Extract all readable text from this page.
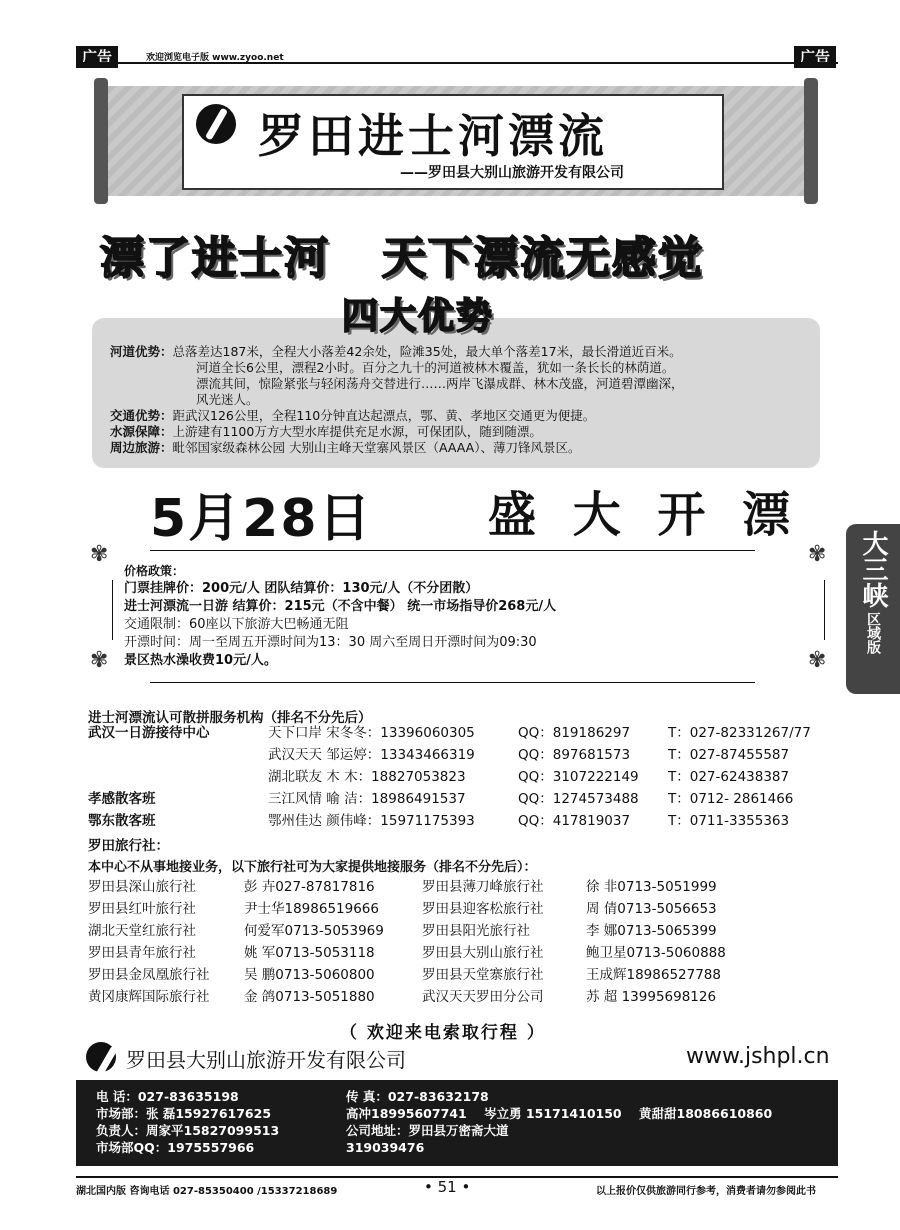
广告	欢迎浏览电子版 www.zyoo.net	广告
罗田进士河漂流
——罗田县大别山旅游开发有限公司
漂了进士河   天下漂流无感觉
四大优势
河道优势：总落差达187米，全程大小落差42余处，险滩35处，最大单个落差17米，最长滑道近百米。
河道全长6公里，漂程2小时。百分之九十的河道被林木覆盖，犹如一条长长的林荫道。
漂流其间，惊险紧张与轻闲荡舟交替进行……两岸飞瀑成群、林木茂盛，河道碧潭幽深，
风光迷人。
交通优势：距武汉126公里，全程110分钟直达起漂点，鄂、黄、孝地区交通更为便捷。
水源保障：上游建有1100万方大型水库提供充足水源，可保团队，随到随漂。
周边旅游：毗邻国家级森林公园 大别山主峰天堂寨风景区（AAAA）、薄刀锋风景区。
5月28日 盛 大 开 漂
✾	✾
✾	✾
价格政策：
门票挂牌价：200元/人 团队结算价：130元/人（不分团散）
进士河漂流一日游 结算价：215元（不含中餐） 统一市场指导价268元/人
交通限制：60座以下旅游大巴畅通无阻
开漂时间：周一至周五开漂时间为13：30 周六至周日开漂时间为09:30
景区热水澡收费10元/人。
进士河漂流认可散拼服务机构（排名不分先后）
武汉一日游接待中心	天下口岸 宋冬冬：13396060305	QQ：819186297	T：027-82331267/77
武汉天天 邹运婷：13343466319	QQ：897681573	T：027-87455587
湖北联友 木 木：18827053823	QQ：3107222149 T：027-62438387
孝感散客班	三江风情 喻 洁：18986491537	QQ：1274573488 T：0712- 2861466
鄂东散客班	鄂州佳达 颜伟峰：15971175393	QQ：417819037	T：0711-3355363
罗田旅行社：
本中心不从事地接业务，以下旅行社可为大家提供地接服务（排名不分先后）：
罗田县深山旅行社	彭 卉027-87817816	罗田县薄刀峰旅行社	徐 非0713-5051999
罗田县红叶旅行社	尹士华18986519666	罗田县迎客松旅行社	周 倩0713-5056653
湖北天堂红旅行社	何爱军0713-5053969	罗田县阳光旅行社	李 娜0713-5065399
罗田县青年旅行社	姚 军0713-5053118	罗田县大别山旅行社	鲍卫星0713-5060888
罗田县金凤凰旅行社	吴 鹏0713-5060800	罗田县天堂寨旅行社	王成辉18986527788
黄冈康辉国际旅行社	金 鸽0713-5051880	武汉天天罗田分公司	苏 超 13995698126
（ 欢迎来电索取行程 ）
罗田县大别山旅游开发有限公司	www.jshpl.cn
电 话：027-83635198	传 真：027-83632178
市场部：张 磊15927617625	高冲18995607741    岑立勇 15171410150    黄甜甜18086610860
负责人：周家平15827099513	公司地址：罗田县万密斋大道
市场部QQ：1975557966	319039476
湖北国内版 咨询电话 027-85350400 /15337218689	• 51 •	以上报价仅供旅游同行参考，消费者请勿参阅此书
大三峡
区域版
